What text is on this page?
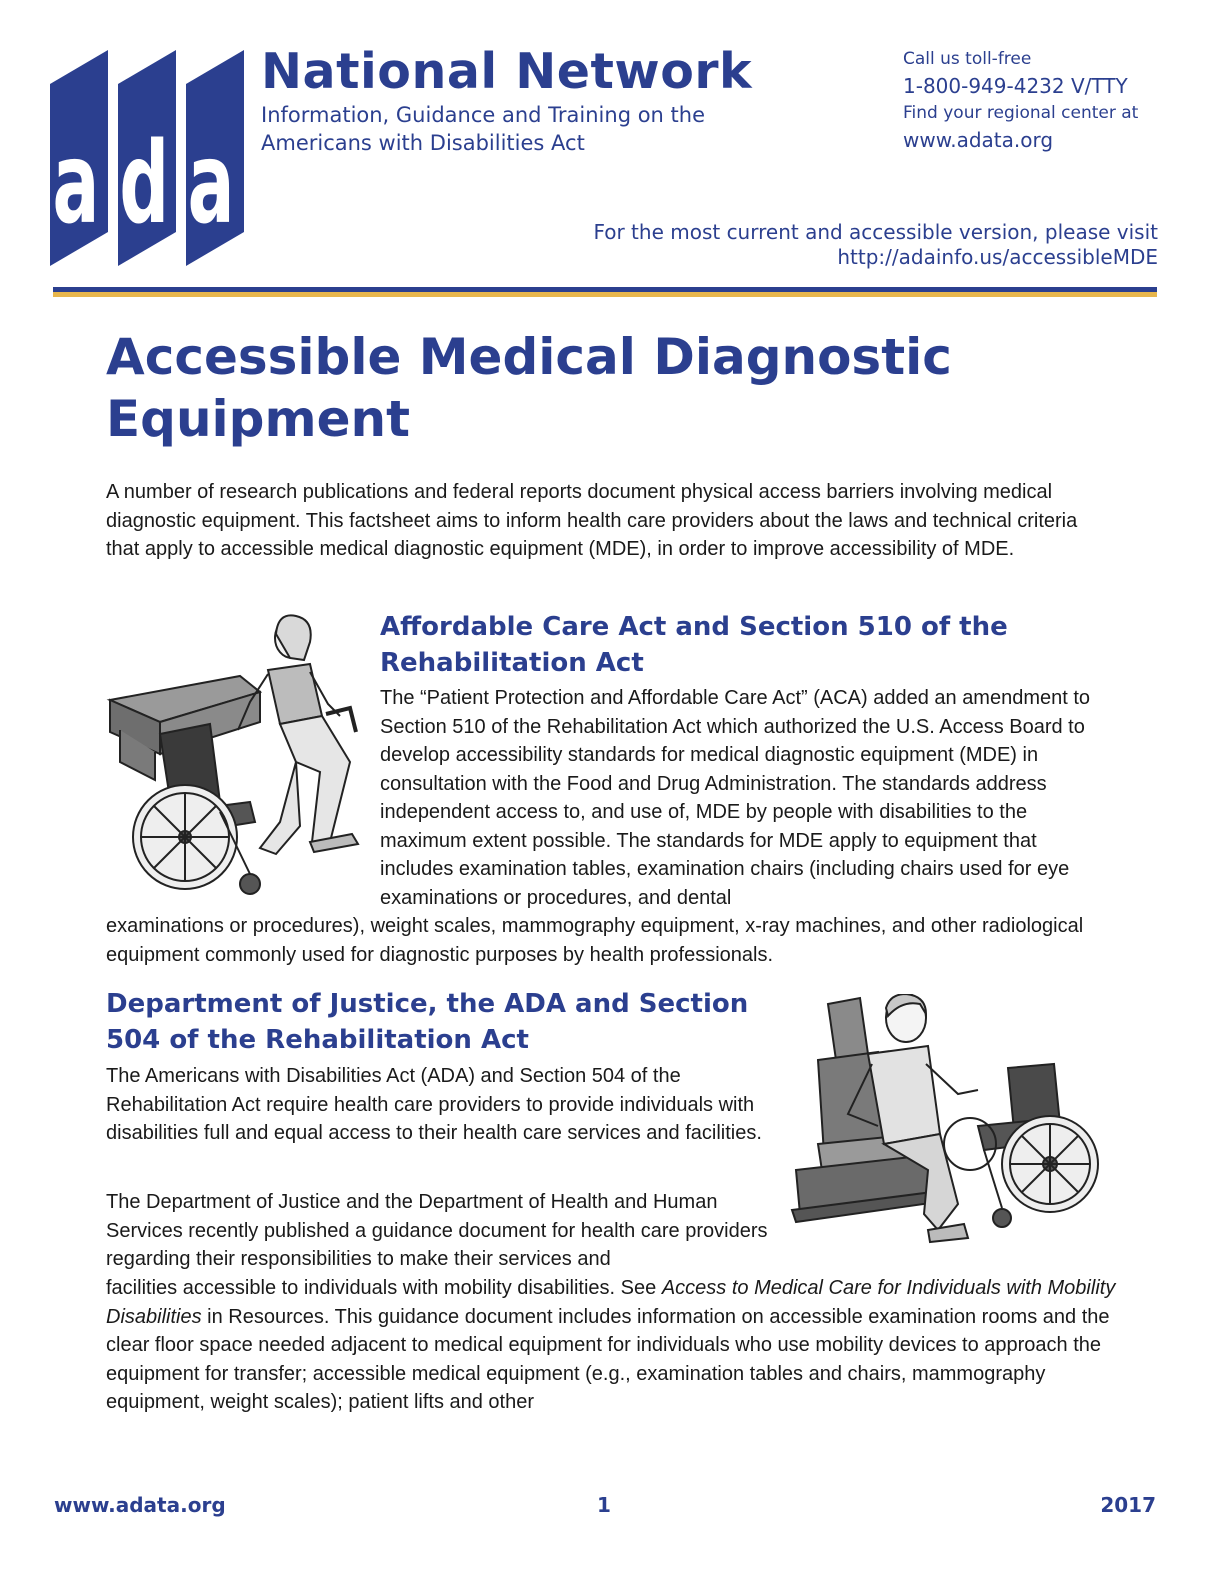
a d a
National Network
Information, Guidance and Training on the
Americans with Disabilities Act
Call us toll-free
1-800-949-4232 V/TTY
Find your regional center at
www.adata.org
For the most current and accessible version, please visit
http://adainfo.us/accessibleMDE
Accessible Medical Diagnostic Equipment

A number of research publications and federal reports document physical access barriers involving medical diagnostic equipment. This factsheet aims to inform health care providers about the laws and technical criteria that apply to accessible medical diagnostic equipment (MDE), in order to improve accessibility of MDE.

Affordable Care Act and Section 510 of the Rehabilitation Act

The “Patient Protection and Affordable Care Act” (ACA) added an amendment to Section 510 of the Rehabilitation Act which authorized the U.S. Access Board to develop accessibility standards for medical diagnostic equipment (MDE) in consultation with the Food and Drug Administration. The standards address independent access to, and use of, MDE by people with disabilities to the maximum extent possible. The standards for MDE apply to equipment that includes examination tables, examination chairs (including chairs used for eye examinations or procedures, and dental

examinations or procedures), weight scales, mammography equipment, x-ray machines, and other radiological equipment commonly used for diagnostic purposes by health professionals.

Department of Justice, the ADA and Section 504 of the Rehabilitation Act

The Americans with Disabilities Act (ADA) and Section 504 of the Rehabilitation Act require health care providers to provide individuals with disabilities full and equal access to their health care services and facilities.

The Department of Justice and the Department of Health and Human Services recently published a guidance document for health care providers regarding their responsibilities to make their services and

facilities accessible to individuals with mobility disabilities. See Access to Medical Care for Individuals with Mobility Disabilities in Resources. This guidance document includes information on accessible examination rooms and the clear floor space needed adjacent to medical equipment for individuals who use mobility devices to approach the equipment for transfer; accessible medical equipment (e.g., examination tables and chairs, mammography equipment, weight scales); patient lifts and other

www.adata.org	1	2017
